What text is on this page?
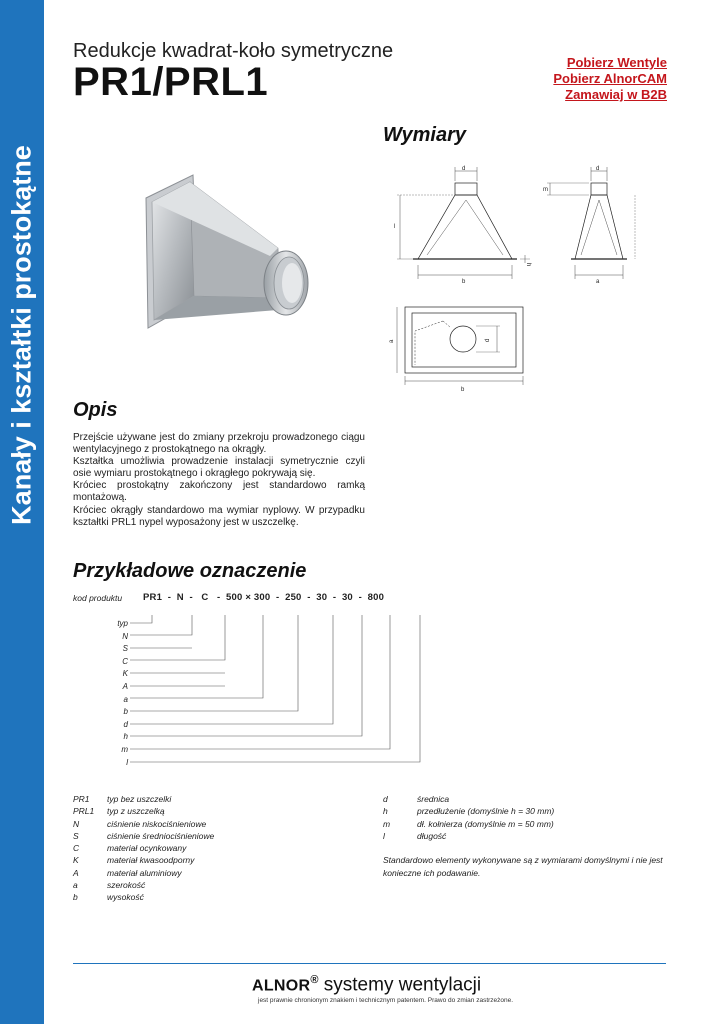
Kanały i kształtki prostokątne
Redukcje kwadrat-koło symetryczne
PR1/PRL1	Pobierz Wentyle
Pobierz AlnorCAM
Zamawiaj w B2B
Wymiary
d
l
b
h
d
m
a
a
b
d
Opis

Przejście używane jest do zmiany przekroju prowadzonego ciągu wentylacyjnego z prostokątnego na okrągły.

Kształtka umożliwia prowadzenie instalacji symetrycznie czyli osie wymiaru prostokątnego i okrągłego pokrywają się.

Króciec prostokątny zakończony jest standardowo ramką montażową.

Króciec okrągły standardowo ma wymiar nyplowy. W przypadku kształtki PRL1 nypel wyposażony jest w uszczelkę.

Przykładowe oznaczenie
kod produktu PR1  -  N  -   C   -  500 × 300  -  250  -  30  -  30  -  800
typ
N
S
C
K
A
a
b
d
h
m
l
PR1	typ bez uszczelki
PRL1	typ z uszczelką
N	ciśnienie niskociśnieniowe
S	ciśnienie średniociśnieniowe
C	materiał ocynkowany
K	materiał kwasoodporny
A	materiał aluminiowy
a	szerokość
b	wysokość
d	średnica
h	przedłużenie (domyślnie h = 30 mm)
m	dł. kołnierza (domyślnie m = 50 mm)
l	długość
Standardowo elementy wykonywane są z wymiarami domyślnymi i nie jest konieczne ich podawanie.
ALNOR® systemy wentylacji
jest prawnie chronionym znakiem i technicznym patentem. Prawo do zmian zastrzeżone.
